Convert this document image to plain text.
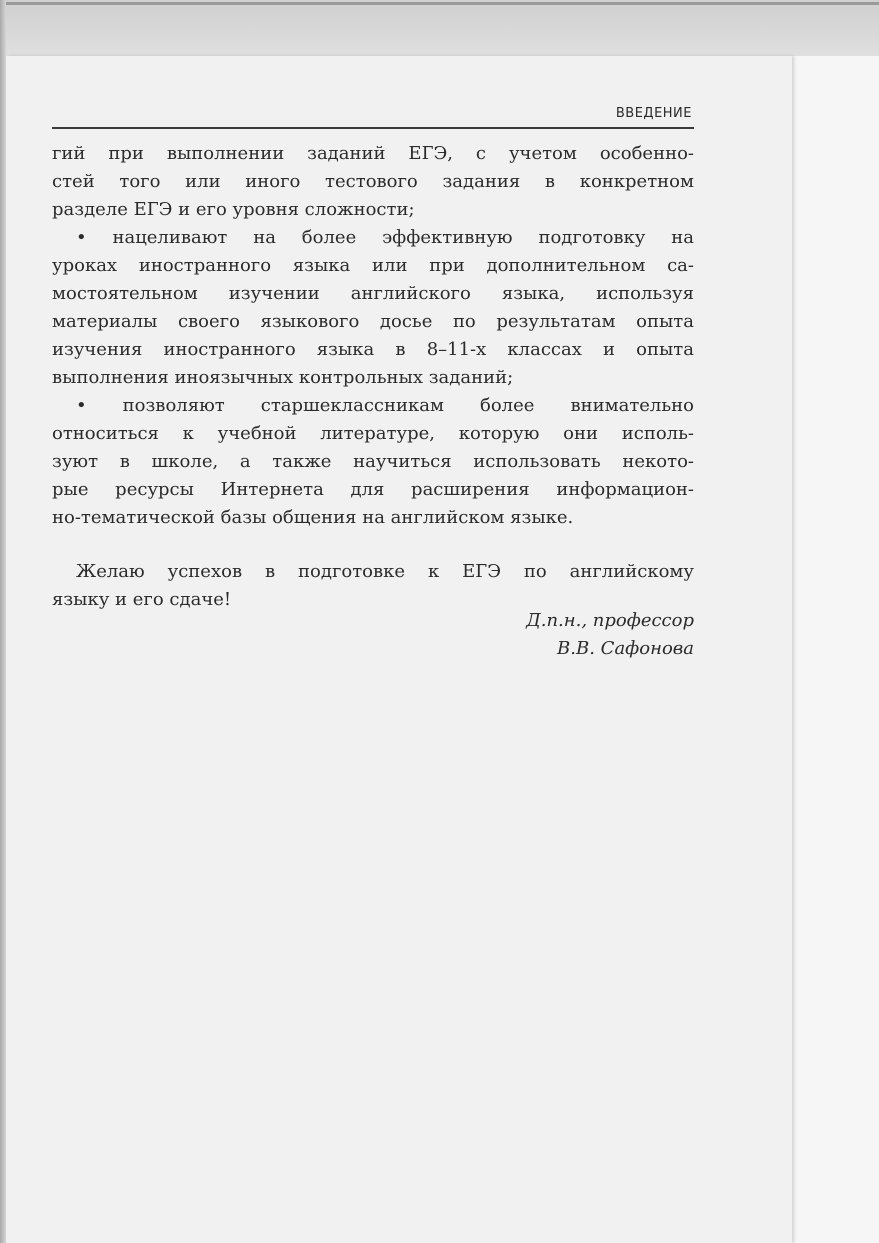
ВВЕДЕНИЕ

гий при выполнении заданий ЕГЭ, с учетом особенно-
стей того или иного тестового задания в конкретном
разделе ЕГЭ и его уровня сложности;

• нацеливают на более эффективную подготовку на
уроках иностранного языка или при дополнительном са-
мостоятельном изучении английского языка, используя
материалы своего языкового досье по результатам опыта
изучения иностранного языка в 8–11-х классах и опыта
выполнения иноязычных контрольных заданий;

• позволяют старшеклассникам более внимательно
относиться к учебной литературе, которую они исполь-
зуют в школе, а также научиться использовать некото-
рые ресурсы Интернета для расширения информацион-
но-тематической базы общения на английском языке.

Желаю успехов в подготовке к ЕГЭ по английскому
языку и его сдаче!

Д.п.н., профессор
В.В. Сафонова
